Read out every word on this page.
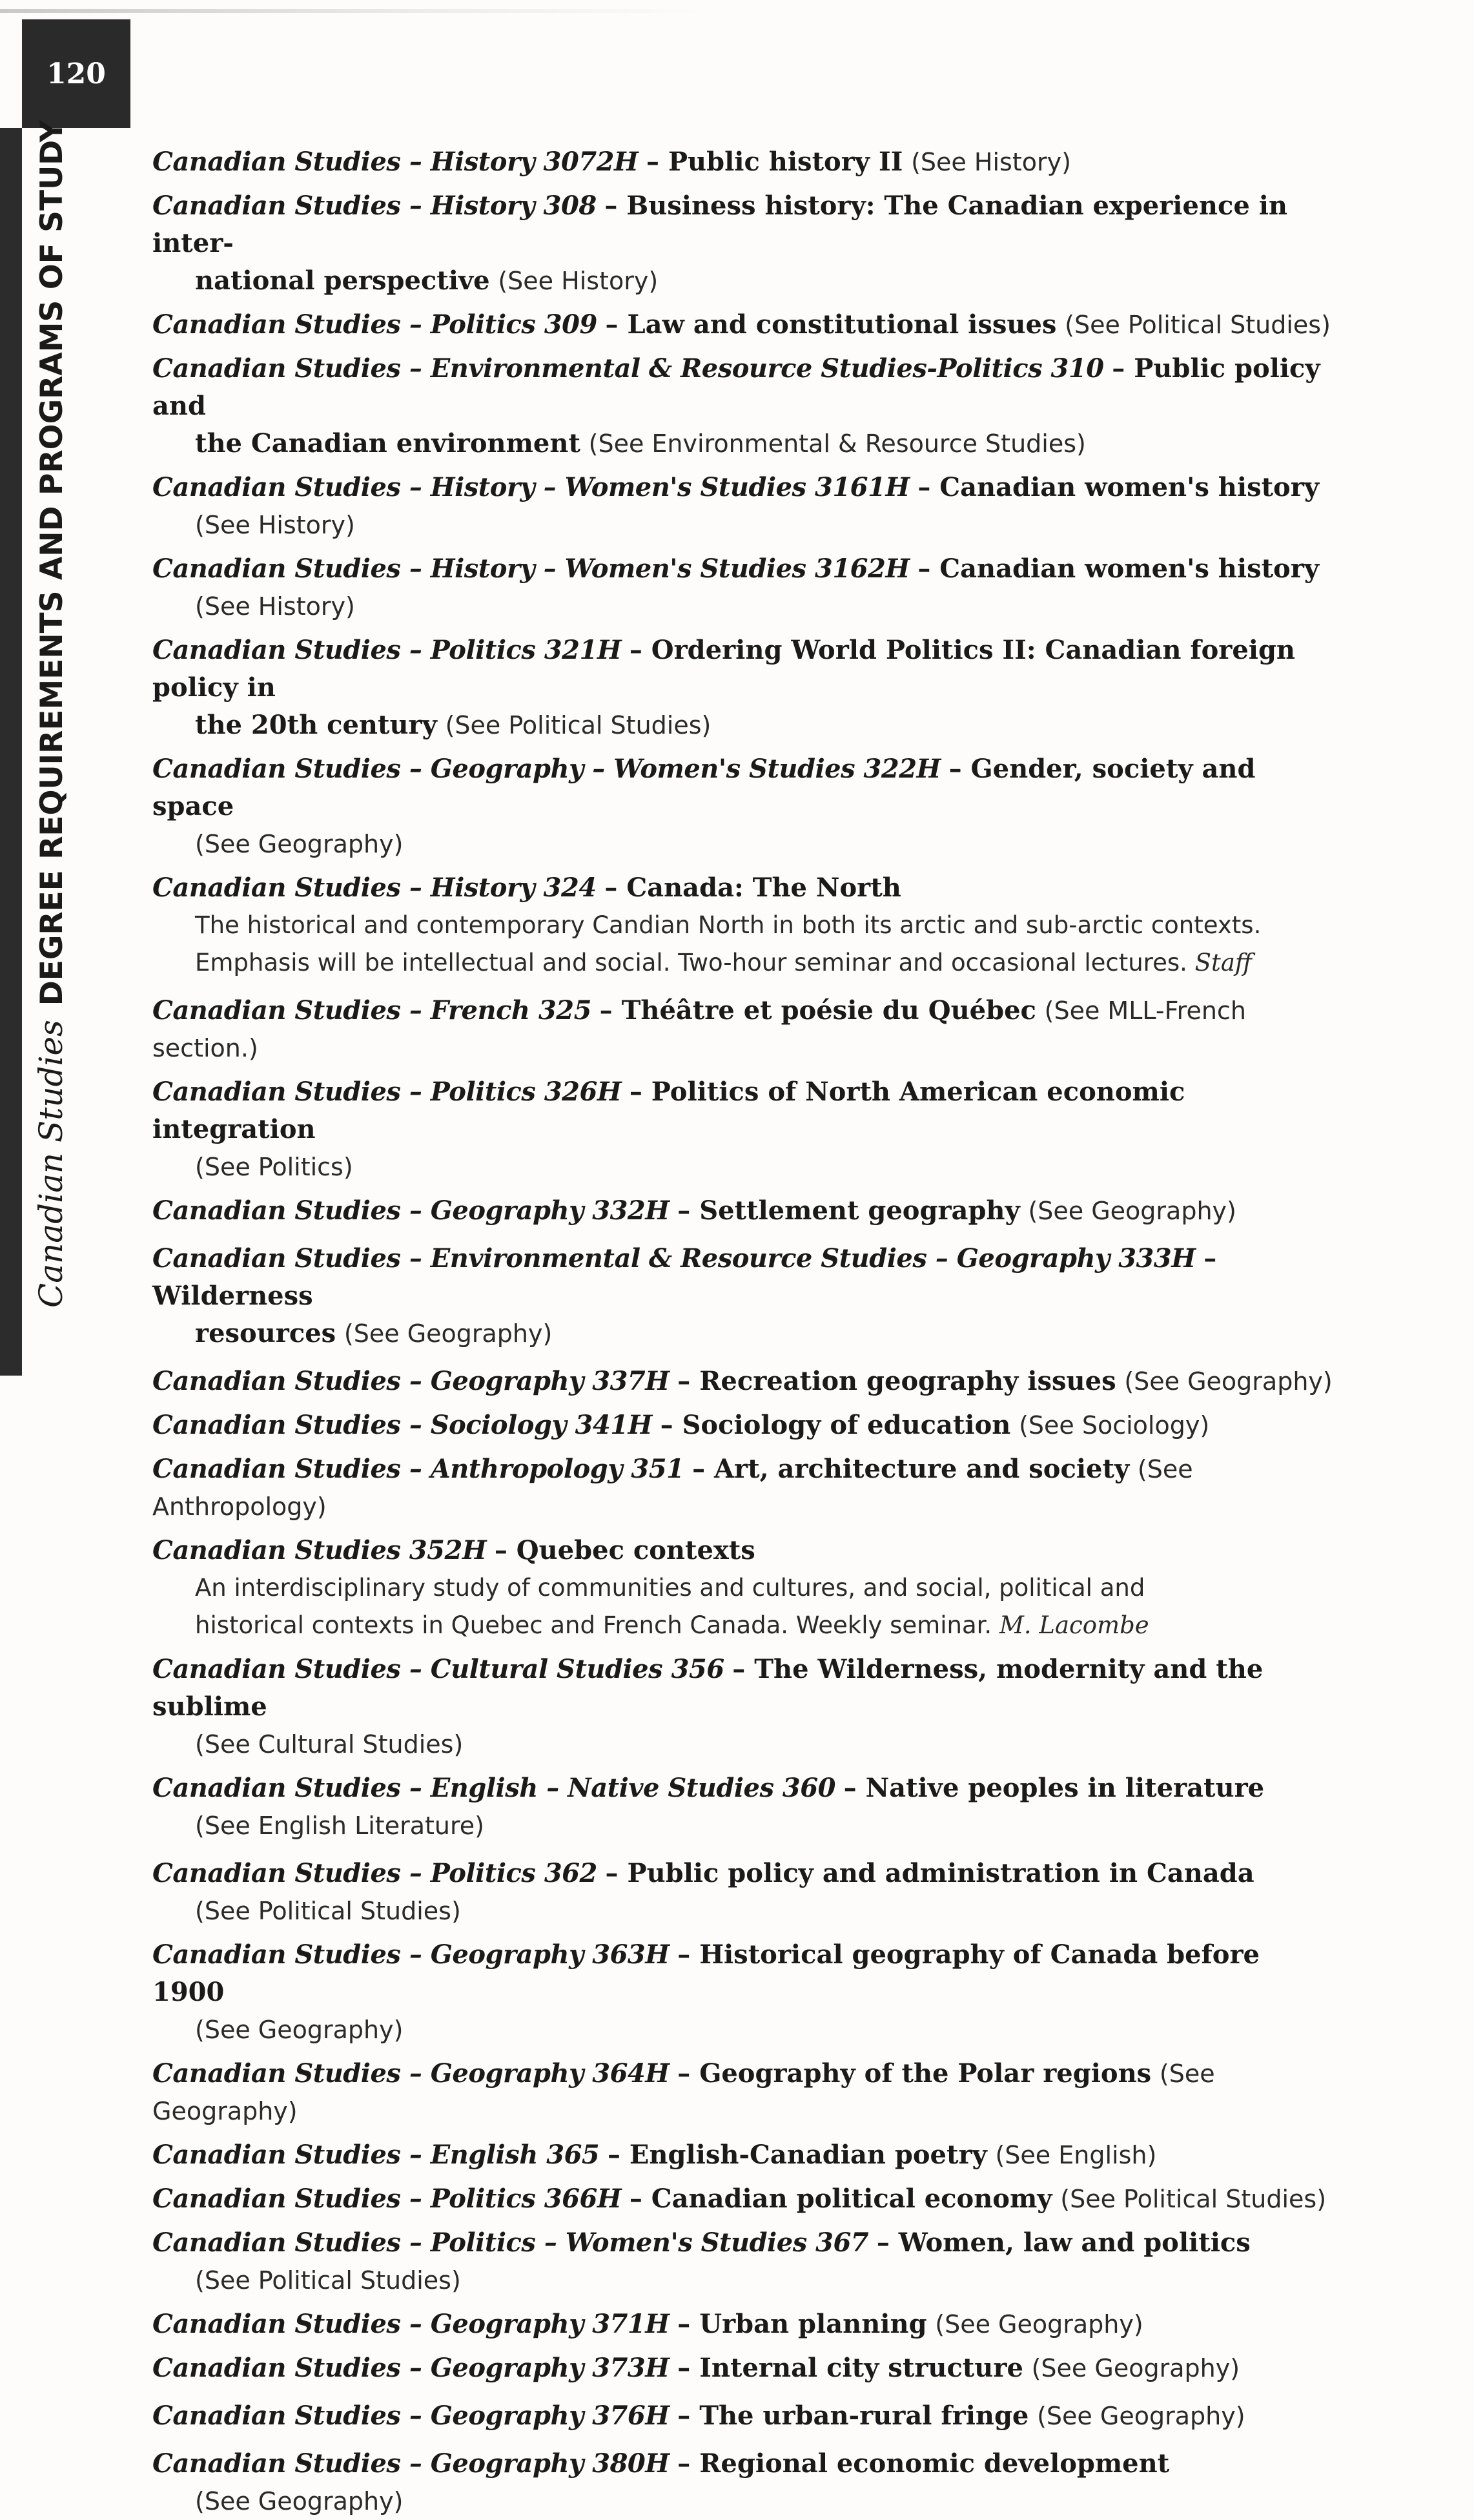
120
Canadian StudiesDEGREE REQUIREMENTS AND PROGRAMS OF STUDY	Canadian Studies – History 3072H – Public history II (See History)
Canadian Studies – History 308 – Business history: The Canadian experience in inter-
national perspective (See History)
Canadian Studies – Politics 309 – Law and constitutional issues (See Political Studies)
Canadian Studies – Environmental & Resource Studies-Politics 310 – Public policy and
the Canadian environment (See Environmental & Resource Studies)
Canadian Studies – History – Women's Studies 3161H – Canadian women's history
(See History)
Canadian Studies – History – Women's Studies 3162H – Canadian women's history
(See History)
Canadian Studies – Politics 321H – Ordering World Politics II: Canadian foreign policy in
the 20th century (See Political Studies)
Canadian Studies – Geography – Women's Studies 322H – Gender, society and space
(See Geography)
Canadian Studies – History 324 – Canada: The North
The historical and contemporary Candian North in both its arctic and sub-arctic contexts.
Emphasis will be intellectual and social. Two-hour seminar and occasional lectures. Staff
Canadian Studies – French 325 – Théâtre et poésie du Québec (See MLL-French section.)
Canadian Studies – Politics 326H – Politics of North American economic integration
(See Politics)
Canadian Studies – Geography 332H – Settlement geography (See Geography)
Canadian Studies – Environmental & Resource Studies – Geography 333H – Wilderness
resources (See Geography)
Canadian Studies – Geography 337H – Recreation geography issues (See Geography)
Canadian Studies – Sociology 341H – Sociology of education (See Sociology)
Canadian Studies – Anthropology 351 – Art, architecture and society (See Anthropology)
Canadian Studies 352H – Quebec contexts
An interdisciplinary study of communities and cultures, and social, political and
historical contexts in Quebec and French Canada. Weekly seminar. M. Lacombe
Canadian Studies – Cultural Studies 356 – The Wilderness, modernity and the sublime
(See Cultural Studies)
Canadian Studies – English – Native Studies 360 – Native peoples in literature
(See English Literature)
Canadian Studies – Politics 362 – Public policy and administration in Canada
(See Political Studies)
Canadian Studies – Geography 363H – Historical geography of Canada before 1900
(See Geography)
Canadian Studies – Geography 364H – Geography of the Polar regions (See Geography)
Canadian Studies – English 365 – English-Canadian poetry (See English)
Canadian Studies – Politics 366H – Canadian political economy (See Political Studies)
Canadian Studies – Politics – Women's Studies 367 – Women, law and politics
(See Political Studies)
Canadian Studies – Geography 371H – Urban planning (See Geography)
Canadian Studies – Geography 373H – Internal city structure (See Geography)
Canadian Studies – Geography 376H – The urban-rural fringe (See Geography)
Canadian Studies – Geography 380H – Regional economic development
(See Geography)
